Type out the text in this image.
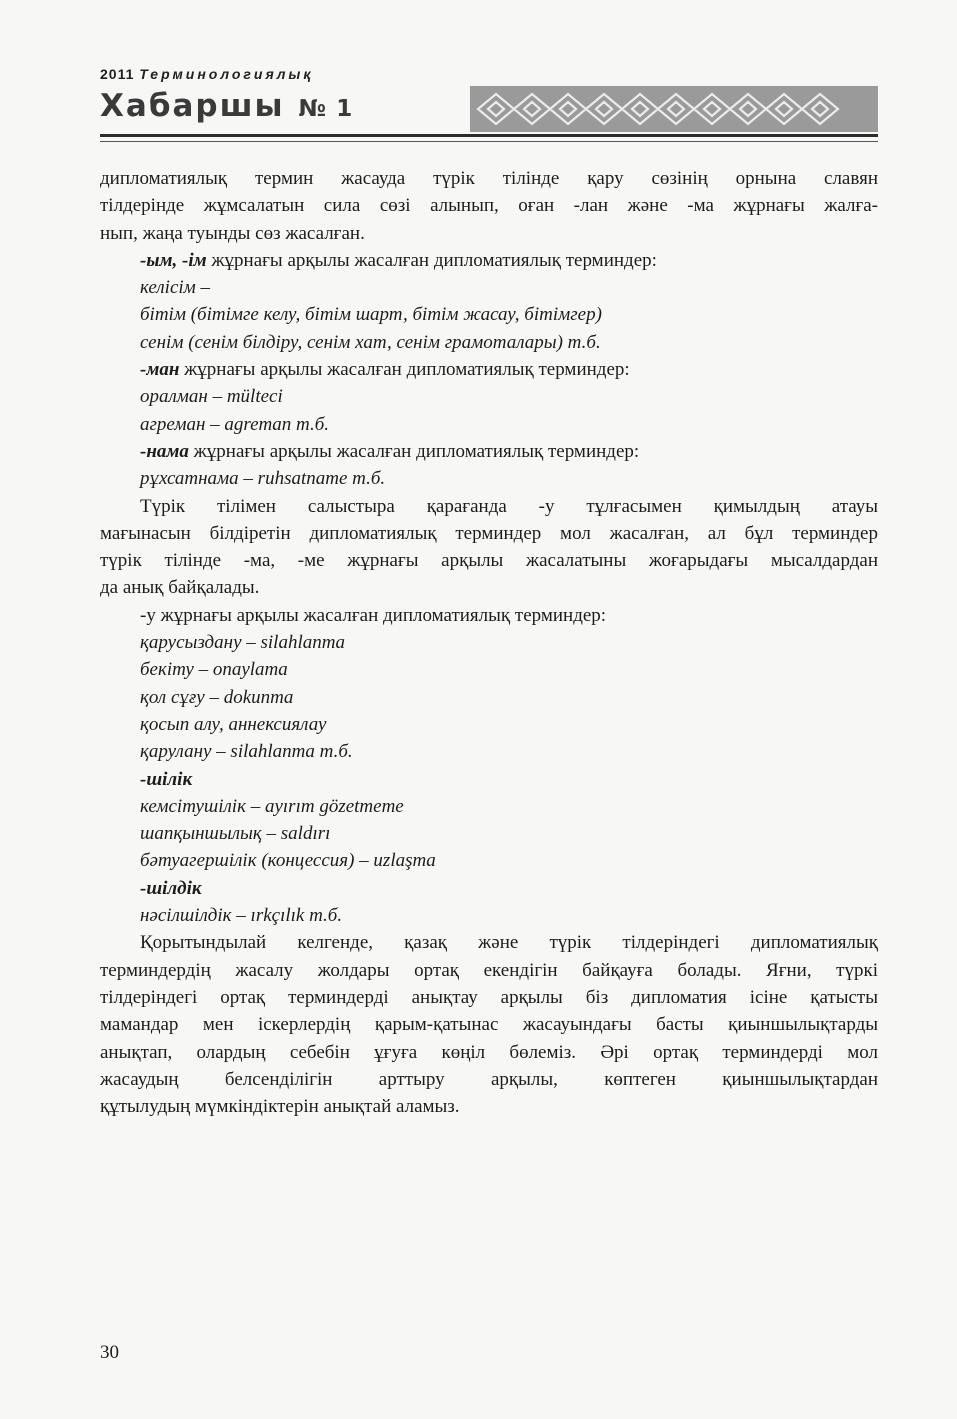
2011 Терминологиялық
Хабаршы № 1

дипломатиялық термин жасауда түрік тілінде қару сөзінің орнына славян

тілдерінде жұмсалатын сила сөзі алынып, оған -лан және -ма жұрнағы жалға-

нып, жаңа туынды сөз жасалған.

-ым, -ім жұрнағы арқылы жасалған дипломатиялық терминдер:

келісім –

бітім (бітімге келу, бітім шарт, бітім жасау, бітімгер)

сенім (сенім білдіру, сенім хат, сенім грамоталары) т.б.

-ман жұрнағы арқылы жасалған дипломатиялық терминдер:

оралман – mülteci

агреман – agreman т.б.

-нама жұрнағы арқылы жасалған дипломатиялық терминдер:

рұхсатнама – ruhsatname т.б.

Түрік тілімен салыстыра қарағанда -у тұлғасымен қимылдың атауы

мағынасын білдіретін дипломатиялық терминдер мол жасалған, ал бұл терминдер

түрік тілінде -ма, -ме жұрнағы арқылы жасалатыны жоғарыдағы мысалдардан

да анық байқалады.

-у жұрнағы арқылы жасалған дипломатиялық терминдер:

қарусыздану – silahlanma

бекіту – onaylama

қол сұғу – dokunma

қосып алу, аннексиялау

қарулану – silahlanma т.б.

-шілік

кемсітушілік – ayırım gözetmeme

шапқыншылық – saldırı

бәтуагершілік (концессия) – uzlaşma

-шілдік

нәсілшілдік – ırkçılık т.б.

Қорытындылай келгенде, қазақ және түрік тілдеріндегі дипломатиялық

терминдердің жасалу жолдары ортақ екендігін байқауға болады. Яғни, түркі

тілдеріндегі ортақ терминдерді анықтау арқылы біз дипломатия ісіне қатысты

мамандар мен іскерлердің қарым-қатынас жасауындағы басты қиыншылықтарды

анықтап, олардың себебін ұғуға көңіл бөлеміз. Әрі ортақ терминдерді мол

жасаудың белсенділігін арттыру арқылы, көптеген қиыншылықтардан

құтылудың мүмкіндіктерін анықтай аламыз.

30
